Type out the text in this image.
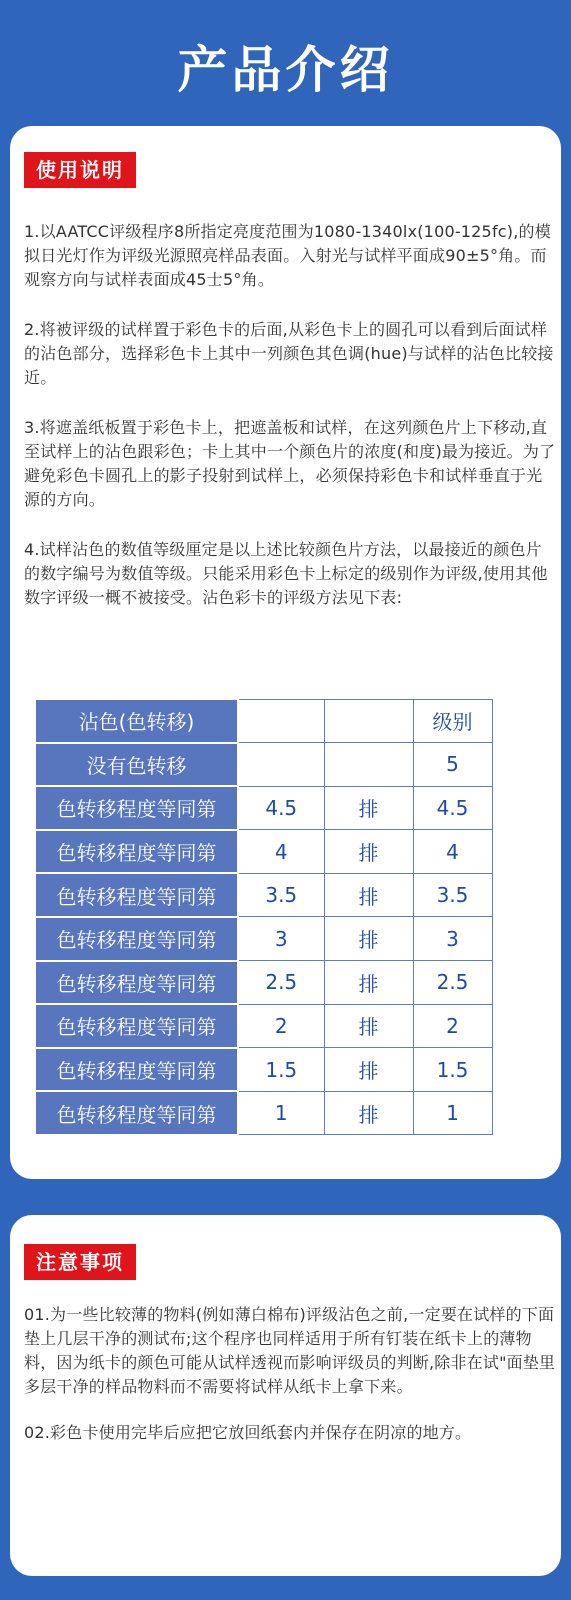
产品介绍
使用说明

1.以AATCC评级程序8所指定亮度范围为1080-1340lx(100-125fc),的模拟日光灯作为评级光源照亮样品表面。入射光与试样平面成90±5°角。而观察方向与试样表面成45士5°角。

2.将被评级的试样置于彩色卡的后面,从彩色卡上的圆孔可以看到后面试样的沾色部分，选择彩色卡上其中一列颜色其色调(hue)与试样的沾色比较接近。

3.将遮盖纸板置于彩色卡上，把遮盖板和试样，在这列颜色片上下移动,直至试样上的沾色跟彩色；卡上其中一个颜色片的浓度(和度)最为接近。为了避免彩色卡圆孔上的影子投射到试样上，必须保持彩色卡和试样垂直于光源的方向。

4.试样沾色的数值等级厘定是以上述比较颜色片方法，以最接近的颜色片的数字编号为数值等级。只能采用彩色卡上标定的级别作为评级,使用其他数字评级一概不被接受。沾色彩卡的评级方法见下表:

沾色(色转移)			级别
没有色转移			5
色转移程度等同第	4.5	排	4.5
色转移程度等同第	4	排	4
色转移程度等同第	3.5	排	3.5
色转移程度等同第	3	排	3
色转移程度等同第	2.5	排	2.5
色转移程度等同第	2	排	2
色转移程度等同第	1.5	排	1.5
色转移程度等同第	1	排	1
注意事项

01.为一些比较薄的物料(例如薄白棉布)评级沾色之前,一定要在试样的下面垫上几层干净的测试布;这个程序也同样适用于所有钉装在纸卡上的薄物料，因为纸卡的颜色可能从试样透视而影响评级员的判断,除非在试"面垫里多层干净的样品物料而不需要将试样从纸卡上拿下来。

02.彩色卡使用完毕后应把它放回纸套内并保存在阴凉的地方。
